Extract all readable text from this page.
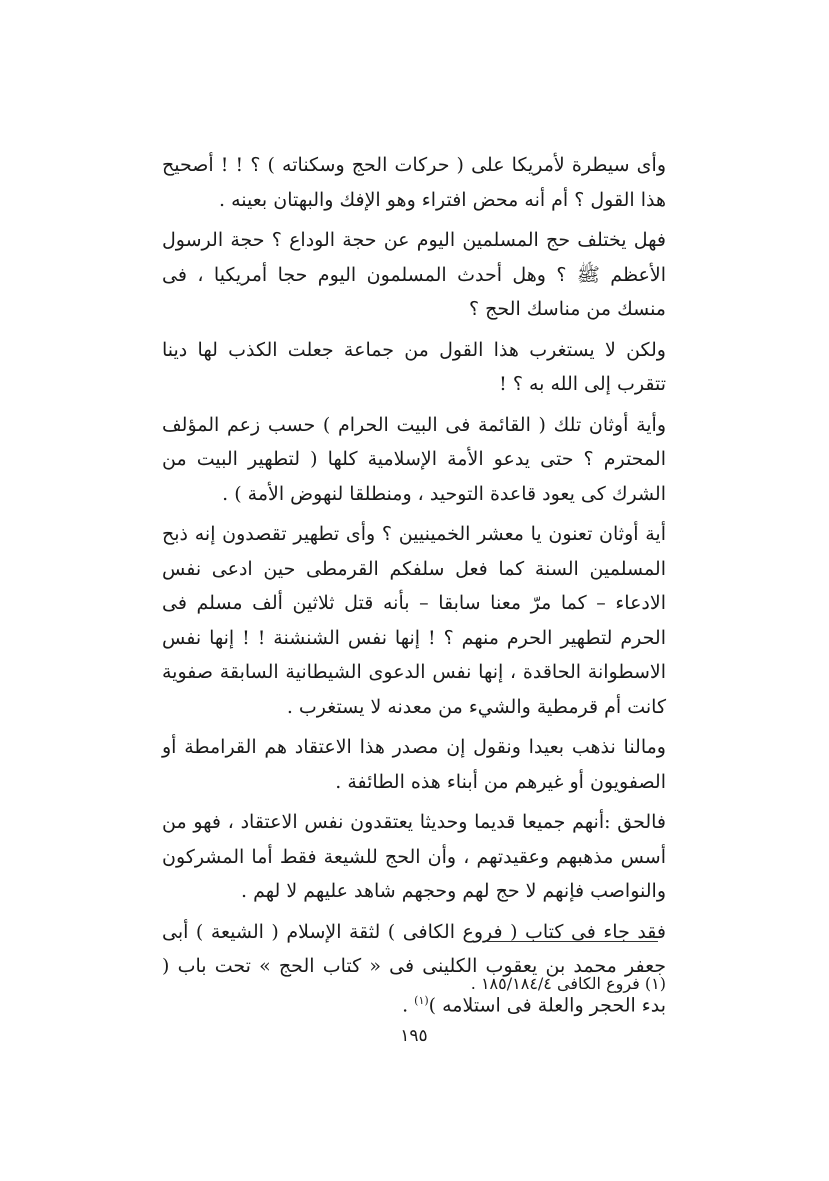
وأى سيطرة لأمريكا على ( حركات الحج وسكناته ) ؟ ! ! أصحيح هذا القول ؟ أم أنه محض افتراء وهو الإفك والبهتان بعينه .

فهل يختلف حج المسلمين اليوم عن حجة الوداع ؟ حجة الرسول الأعظم ﷺ ؟ وهل أحدث المسلمون اليوم حجا أمريكيا ، فى منسك من مناسك الحج ؟

ولكن لا يستغرب هذا القول من جماعة جعلت الكذب لها دينا تتقرب إلى الله به ؟ !

وأية أوثان تلك ( القائمة فى البيت الحرام ) حسب زعم المؤلف المحترم ؟ حتى يدعو الأمة الإسلامية كلها ( لتطهير البيت من الشرك كى يعود قاعدة التوحيد ، ومنطلقا لنهوض الأمة ) .

أية أوثان تعنون يا معشر الخمينيين ؟ وأى تطهير تقصدون إنه ذبح المسلمين السنة كما فعل سلفكم القرمطى حين ادعى نفس الادعاء – كما مرّ معنا سابقا – بأنه قتل ثلاثين ألف مسلم فى الحرم لتطهير الحرم منهم ؟ ! إنها نفس الشنشنة ! ! إنها نفس الاسطوانة الحاقدة ، إنها نفس الدعوى الشيطانية السابقة صفوية كانت أم قرمطية والشيء من معدنه لا يستغرب .

ومالنا نذهب بعيدا ونقول إن مصدر هذا الاعتقاد هم القرامطة أو الصفويون أو غيرهم من أبناء هذه الطائفة .

فالحق :أنهم جميعا قديما وحديثا يعتقدون نفس الاعتقاد ، فهو من أسس مذهبهم وعقيدتهم ، وأن الحج للشيعة فقط أما المشركون والنواصب فإنهم لا حج لهم وحجهم شاهد عليهم لا لهم .

فقد جاء فى كتاب ( فروع الكافى ) لثقة الإسلام ( الشيعة ) أبى جعفر محمد بن يعقوب الكلينى فى « كتاب الحج » تحت باب ( بدء الحجر والعلة فى استلامه )$^{(١)}$ .

(١) فروع الكافى ١٨٥/١٨٤/٤ .
١٩٥
